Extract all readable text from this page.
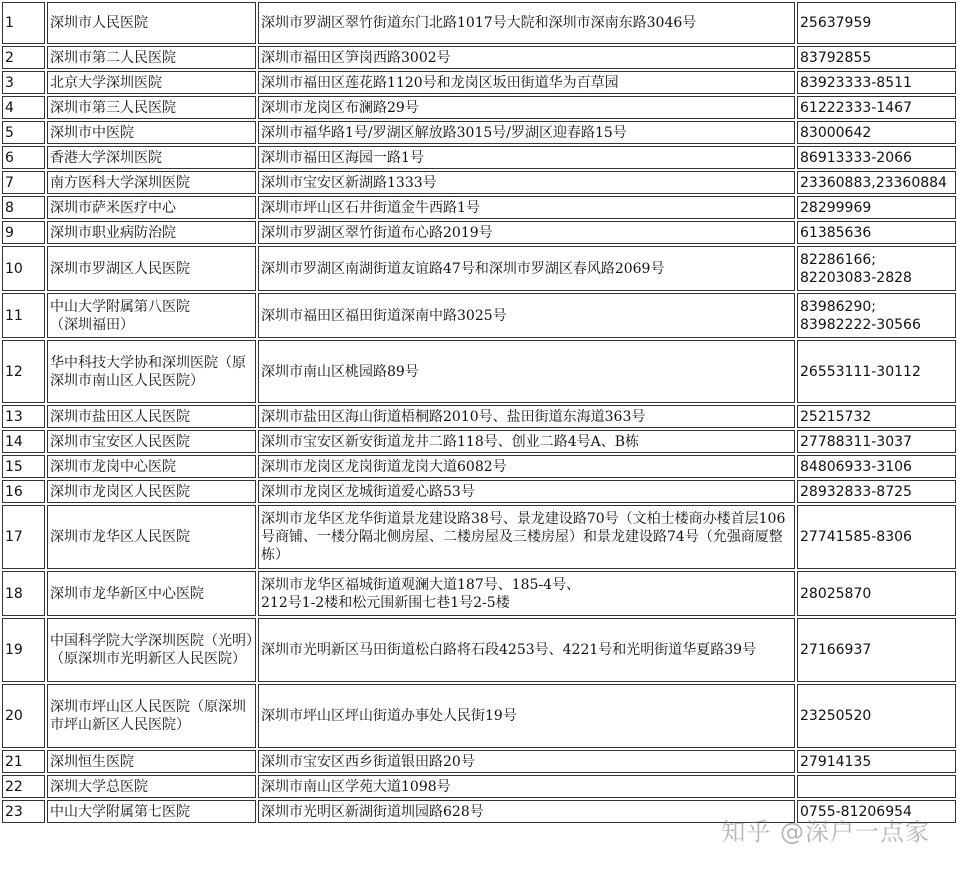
1	深圳市人民医院	深圳市罗湖区翠竹街道东门北路1017号大院和深圳市深南东路3046号	25637959
2	深圳市第二人民医院	深圳市福田区笋岗西路3002号	83792855
3	北京大学深圳医院	深圳市福田区莲花路1120号和龙岗区坂田街道华为百草园	83923333-8511
4	深圳市第三人民医院	深圳市龙岗区布澜路29号	61222333-1467
5	深圳市中医院	深圳市福华路1号/罗湖区解放路3015号/罗湖区迎春路15号	83000642
6	香港大学深圳医院	深圳市福田区海园一路1号	86913333-2066
7	南方医科大学深圳医院	深圳市宝安区新湖路1333号	23360883,23360884
8	深圳市萨米医疗中心	深圳市坪山区石井街道金牛西路1号	28299969
9	深圳市职业病防治院	深圳市罗湖区翠竹街道布心路2019号	61385636
10	深圳市罗湖区人民医院	深圳市罗湖区南湖街道友谊路47号和深圳市罗湖区春风路2069号	82286166;
82203083-2828
11	中山大学附属第八医院
（深圳福田）	深圳市福田区福田街道深南中路3025号	83986290;
83982222-30566
12	华中科技大学协和深圳医院（原深圳市南山区人民医院）	深圳市南山区桃园路89号	26553111-30112
13	深圳市盐田区人民医院	深圳市盐田区海山街道梧桐路2010号、盐田街道东海道363号	25215732
14	深圳市宝安区人民医院	深圳市宝安区新安街道龙井二路118号、创业二路4号A、B栋	27788311-3037
15	深圳市龙岗中心医院	深圳市龙岗区龙岗街道龙岗大道6082号	84806933-3106
16	深圳市龙岗区人民医院	深圳市龙岗区龙城街道爱心路53号	28932833-8725
17	深圳市龙华区人民医院	深圳市龙华区龙华街道景龙建设路38号、景龙建设路70号（文柏士楼商办楼首层106号商铺、一楼分隔北侧房屋、二楼房屋及三楼房屋）和景龙建设路74号（允强商厦整栋）	27741585-8306
18	深圳市龙华新区中心医院	深圳市龙华区福城街道观澜大道187号、185-4号、
212号1-2楼和松元围新围七巷1号2-5楼	28025870
19	中国科学院大学深圳医院（光明）（原深圳市光明新区人民医院）	深圳市光明新区马田街道松白路将石段4253号、4221号和光明街道华夏路39号	27166937
20	深圳市坪山区人民医院（原深圳市坪山新区人民医院）	深圳市坪山区坪山街道办事处人民街19号	23250520
21	深圳恒生医院	深圳市宝安区西乡街道银田路20号	27914135
22	深圳大学总医院	深圳市南山区学苑大道1098号	
23	中山大学附属第七医院	深圳市光明区新湖街道圳园路628号	0755-81206954
知乎 @深户一点家
